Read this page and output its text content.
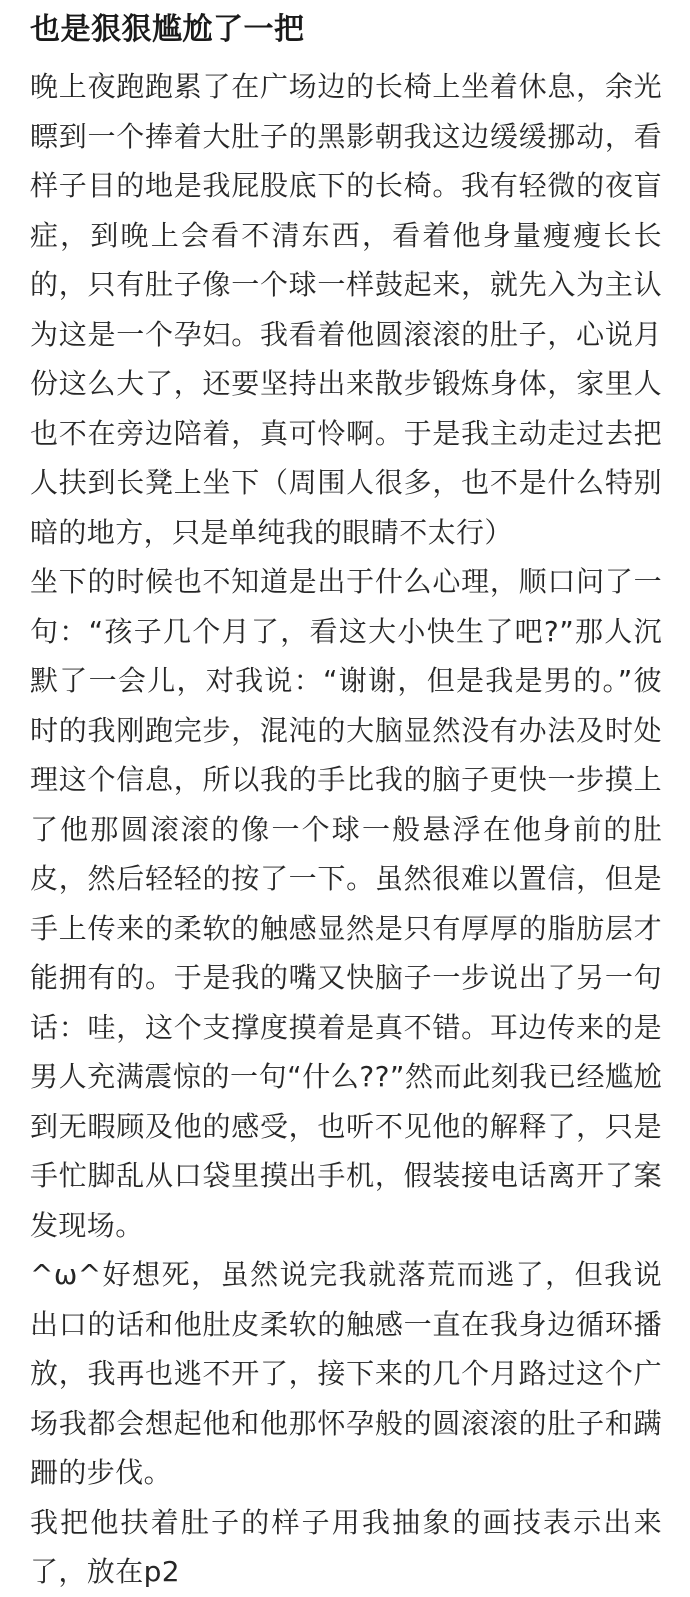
也是狠狠尴尬了一把

晚上夜跑跑累了在广场边的长椅上坐着休息，余光瞟到一个捧着大肚子的黑影朝我这边缓缓挪动，看样子目的地是我屁股底下的长椅。我有轻微的夜盲症，到晚上会看不清东西，看着他身量瘦瘦长长的，只有肚子像一个球一样鼓起来，就先入为主认为这是一个孕妇。我看着他圆滚滚的肚子，心说月份这么大了，还要坚持出来散步锻炼身体，家里人也不在旁边陪着，真可怜啊。于是我主动走过去把人扶到长凳上坐下（周围人很多，也不是什么特别暗的地方，只是单纯我的眼睛不太行）

坐下的时候也不知道是出于什么心理，顺口问了一句：“孩子几个月了，看这大小快生了吧?”那人沉默了一会儿，对我说：“谢谢，但是我是男的。”彼时的我刚跑完步，混沌的大脑显然没有办法及时处理这个信息，所以我的手比我的脑子更快一步摸上了他那圆滚滚的像一个球一般悬浮在他身前的肚皮，然后轻轻的按了一下。虽然很难以置信，但是手上传来的柔软的触感显然是只有厚厚的脂肪层才能拥有的。于是我的嘴又快脑子一步说出了另一句话：哇，这个支撑度摸着是真不错。耳边传来的是男人充满震惊的一句“什么??”然而此刻我已经尴尬到无暇顾及他的感受，也听不见他的解释了，只是手忙脚乱从口袋里摸出手机，假装接电话离开了案发现场。

^ω^好想死，虽然说完我就落荒而逃了，但我说出口的话和他肚皮柔软的触感一直在我身边循环播放，我再也逃不开了，接下来的几个月路过这个广场我都会想起他和他那怀孕般的圆滚滚的肚子和蹒跚的步伐。

我把他扶着肚子的样子用我抽象的画技表示出来了，放在p2
